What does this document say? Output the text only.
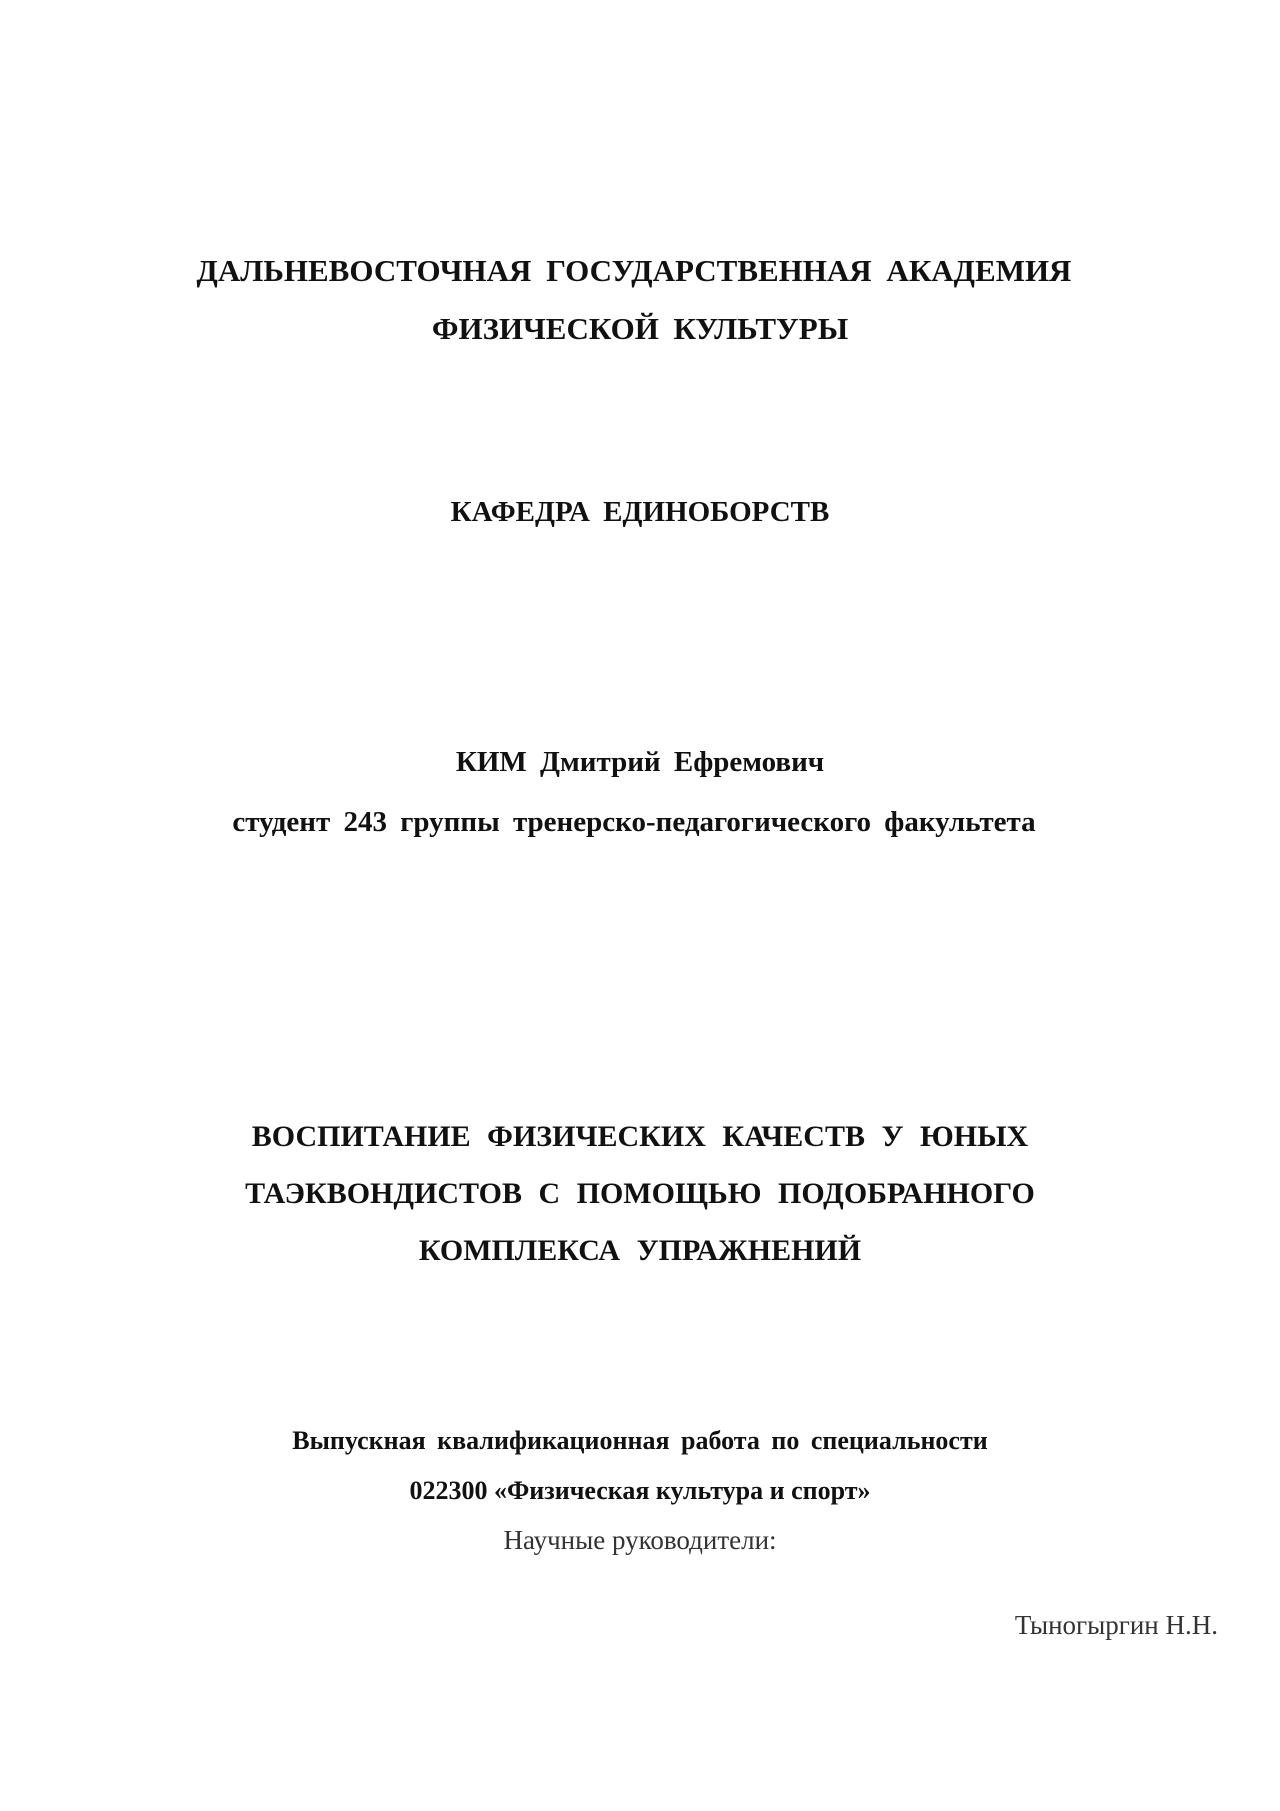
ДАЛЬНЕВОСТОЧНАЯ ГОСУДАРСТВЕННАЯ АКАДЕМИЯ
ФИЗИЧЕСКОЙ КУЛЬТУРЫ
КАФЕДРА ЕДИНОБОРСТВ
КИМ Дмитрий Ефремович
студент 243 группы тренерско-педагогического факультета
ВОСПИТАНИЕ ФИЗИЧЕСКИХ КАЧЕСТВ У ЮНЫХ
ТАЭКВОНДИСТОВ С ПОМОЩЬЮ ПОДОБРАННОГО
КОМПЛЕКСА УПРАЖНЕНИЙ
Выпускная квалификационная работа по специальности
022300 «Физическая культура и спорт»
Научные руководители:
Тыногыргин Н.Н.
